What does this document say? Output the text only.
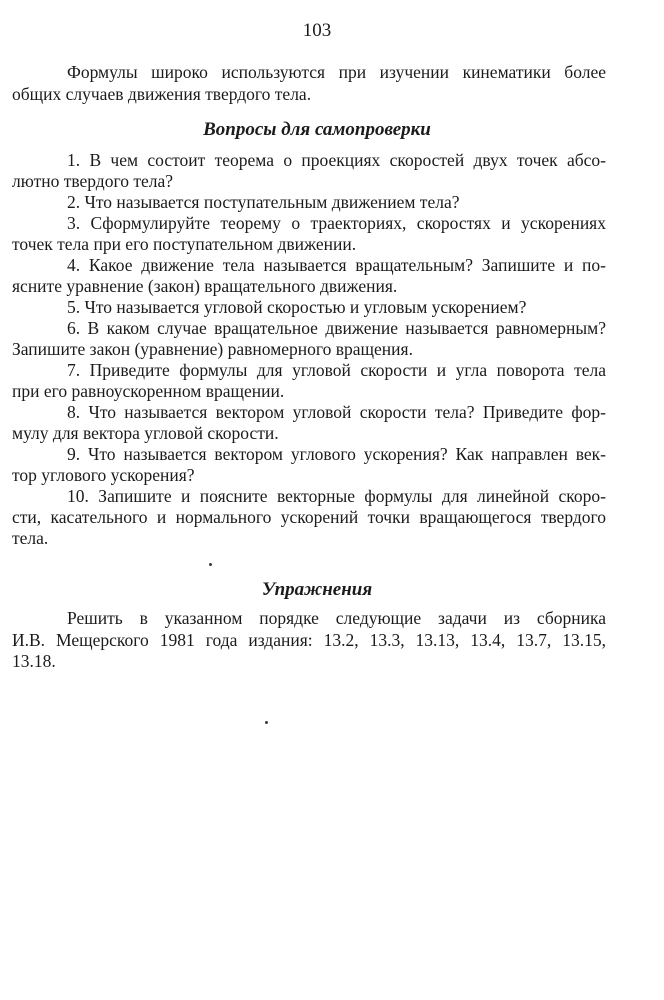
103
Формулы широко используются при изучении кинематики более
общих случаев движения твердого тела.
Вопросы для самопроверки
1. В чем состоит теорема о проекциях скоростей двух точек абсо-
лютно твердого тела?
2. Что называется поступательным движением тела?
3. Сформулируйте теорему о траекториях, скоростях и ускорениях
точек тела при его поступательном движении.
4. Какое движение тела называется вращательным? Запишите и по-
ясните уравнение (закон) вращательного движения.
5. Что называется угловой скоростью и угловым ускорением?
6. В каком случае вращательное движение называется равномерным?
Запишите закон (уравнение) равномерного вращения.
7. Приведите формулы для угловой скорости и угла поворота тела
при его равноускоренном вращении.
8. Что называется вектором угловой скорости тела? Приведите фор-
мулу для вектора угловой скорости.
9. Что называется вектором углового ускорения? Как направлен век-
тор углового ускорения?
10. Запишите и поясните векторные формулы для линейной скоро-
сти, касательного и нормального ускорений точки вращающегося твердого
тела.
Упражнения
Решить в указанном порядке следующие задачи из сборника
И.В. Мещерского 1981 года издания: 13.2, 13.3, 13.13, 13.4, 13.7, 13.15,
13.18.
